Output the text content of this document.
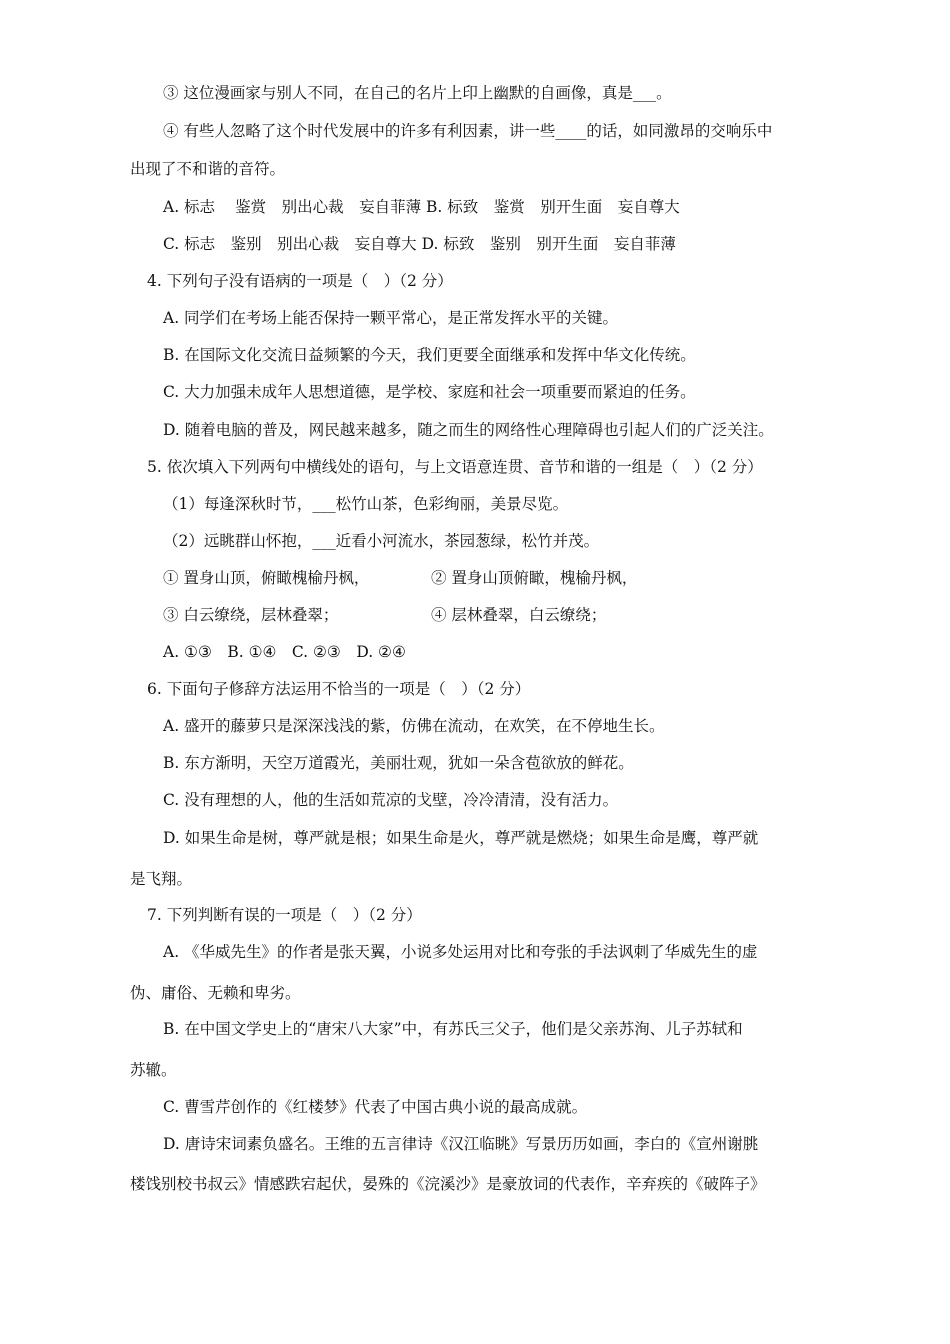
③ 这位漫画家与别人不同，在自己的名片上印上幽默的自画像，真是___。
④ 有些人忽略了这个时代发展中的许多有利因素，讲一些____的话，如同激昂的交响乐中
出现了不和谐的音符。
A. 标志 鉴赏　别出心裁　妄自菲薄 B. 标致　鉴赏　别开生面　妄自尊大
C. 标志　鉴别　别出心裁　妄自尊大 D. 标致　鉴别　别开生面　妄自菲薄
4. 下列句子没有语病的一项是（　）（2 分）
A. 同学们在考场上能否保持一颗平常心，是正常发挥水平的关键。
B. 在国际文化交流日益频繁的今天，我们更要全面继承和发挥中华文化传统。
C. 大力加强未成年人思想道德，是学校、家庭和社会一项重要而紧迫的任务。
D. 随着电脑的普及，网民越来越多，随之而生的网络性心理障碍也引起人们的广泛关注。
5. 依次填入下列两句中横线处的语句，与上文语意连贯、音节和谐的一组是（　）（2 分）
（1）每逢深秋时节，___松竹山茶，色彩绚丽，美景尽览。
（2）远眺群山怀抱，___近看小河流水，茶园葱绿，松竹并茂。
① 置身山顶，俯瞰槐榆丹枫，	② 置身山顶俯瞰，槐榆丹枫，
③ 白云缭绕，层林叠翠；	④ 层林叠翠，白云缭绕；
A. ①③　B. ①④　C. ②③　D. ②④
6. 下面句子修辞方法运用不恰当的一项是（　）（2 分）
A. 盛开的藤萝只是深深浅浅的紫，仿佛在流动，在欢笑，在不停地生长。
B. 东方渐明，天空万道霞光，美丽壮观，犹如一朵含苞欲放的鲜花。
C. 没有理想的人，他的生活如荒凉的戈壁，冷冷清清，没有活力。
D. 如果生命是树，尊严就是根；如果生命是火，尊严就是燃烧；如果生命是鹰，尊严就
是飞翔。
7. 下列判断有误的一项是（　）（2 分）
A. 《华威先生》的作者是张天翼，小说多处运用对比和夸张的手法讽刺了华威先生的虚
伪、庸俗、无赖和卑劣。
B. 在中国文学史上的“唐宋八大家”中，有苏氏三父子，他们是父亲苏洵、儿子苏轼和
苏辙。
C. 曹雪芹创作的《红楼梦》代表了中国古典小说的最高成就。
D. 唐诗宋词素负盛名。王维的五言律诗《汉江临眺》写景历历如画，李白的《宣州谢朓
楼饯别校书叔云》情感跌宕起伏，晏殊的《浣溪沙》是豪放词的代表作，辛弃疾的《破阵子》
